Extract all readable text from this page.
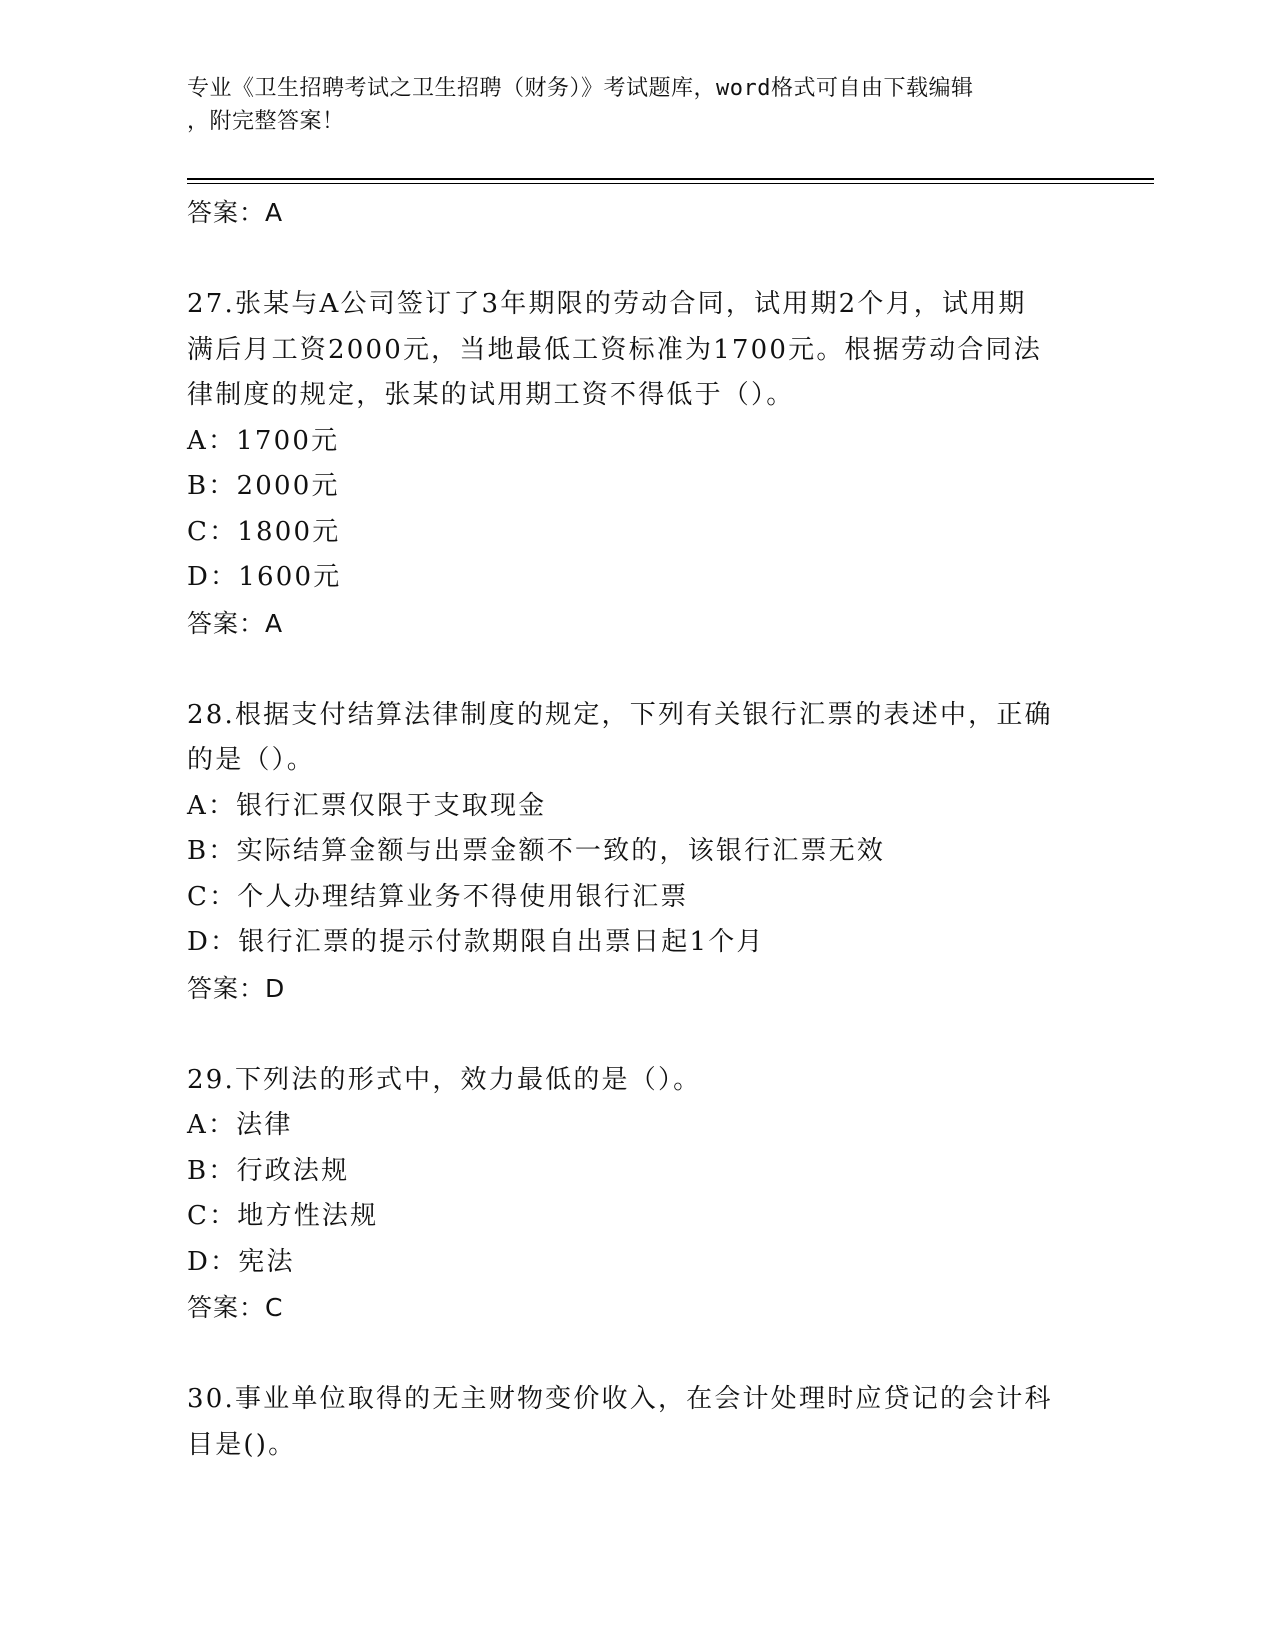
专业《卫生招聘考试之卫生招聘（财务）》考试题库，word格式可自由下载编辑
，附完整答案！
答案：A
27.张某与A公司签订了3年期限的劳动合同，试用期2个月，试用期
满后月工资2000元，当地最低工资标准为1700元。根据劳动合同法
律制度的规定，张某的试用期工资不得低于（）。
A：1700元
B：2000元
C：1800元
D：1600元
答案：A
28.根据支付结算法律制度的规定，下列有关银行汇票的表述中，正确
的是（）。
A：银行汇票仅限于支取现金
B：实际结算金额与出票金额不一致的，该银行汇票无效
C：个人办理结算业务不得使用银行汇票
D：银行汇票的提示付款期限自出票日起1个月
答案：D
29.下列法的形式中，效力最低的是（）。
A：法律
B：行政法规
C：地方性法规
D：宪法
答案：C
30.事业单位取得的无主财物变价收入，在会计处理时应贷记的会计科
目是()。
